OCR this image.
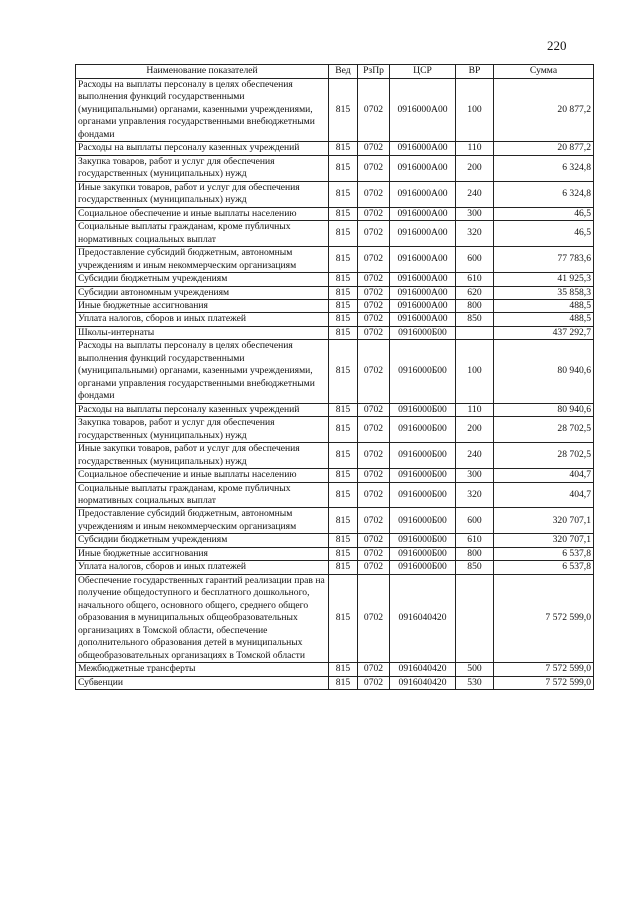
220
Наименование показателей	Вед	РзПр	ЦСР	ВР	Сумма
Расходы на выплаты персоналу в целях обеспечения выполнения функций государственными (муниципальными) органами, казенными учреждениями, органами управления государственными внебюджетными фондами	815	0702	0916000А00	100	20 877,2
Расходы на выплаты персоналу казенных учреждений	815	0702	0916000А00	110	20 877,2
Закупка товаров, работ и услуг для обеспечения государственных (муниципальных) нужд	815	0702	0916000А00	200	6 324,8
Иные закупки товаров, работ и услуг для обеспечения государственных (муниципальных) нужд	815	0702	0916000А00	240	6 324,8
Социальное обеспечение и иные выплаты населению	815	0702	0916000А00	300	46,5
Социальные выплаты гражданам, кроме публичных нормативных социальных выплат	815	0702	0916000А00	320	46,5
Предоставление субсидий бюджетным, автономным учреждениям и иным некоммерческим организациям	815	0702	0916000А00	600	77 783,6
Субсидии бюджетным учреждениям	815	0702	0916000А00	610	41 925,3
Субсидии автономным учреждениям	815	0702	0916000А00	620	35 858,3
Иные бюджетные ассигнования	815	0702	0916000А00	800	488,5
Уплата налогов, сборов и иных платежей	815	0702	0916000А00	850	488,5
Школы-интернаты	815	0702	0916000Б00		437 292,7
Расходы на выплаты персоналу в целях обеспечения выполнения функций государственными (муниципальными) органами, казенными учреждениями, органами управления государственными внебюджетными фондами	815	0702	0916000Б00	100	80 940,6
Расходы на выплаты персоналу казенных учреждений	815	0702	0916000Б00	110	80 940,6
Закупка товаров, работ и услуг для обеспечения государственных (муниципальных) нужд	815	0702	0916000Б00	200	28 702,5
Иные закупки товаров, работ и услуг для обеспечения государственных (муниципальных) нужд	815	0702	0916000Б00	240	28 702,5
Социальное обеспечение и иные выплаты населению	815	0702	0916000Б00	300	404,7
Социальные выплаты гражданам, кроме публичных нормативных социальных выплат	815	0702	0916000Б00	320	404,7
Предоставление субсидий бюджетным, автономным учреждениям и иным некоммерческим организациям	815	0702	0916000Б00	600	320 707,1
Субсидии бюджетным учреждениям	815	0702	0916000Б00	610	320 707,1
Иные бюджетные ассигнования	815	0702	0916000Б00	800	6 537,8
Уплата налогов, сборов и иных платежей	815	0702	0916000Б00	850	6 537,8
Обеспечение государственных гарантий реализации прав на получение общедоступного и бесплатного дошкольного, начального общего, основного общего, среднего общего образования в муниципальных общеобразовательных организациях в Томской области, обеспечение дополнительного образования детей в муниципальных общеобразовательных организациях в Томской области	815	0702	0916040420		7 572 599,0
Межбюджетные трансферты	815	0702	0916040420	500	7 572 599,0
Субвенции	815	0702	0916040420	530	7 572 599,0
